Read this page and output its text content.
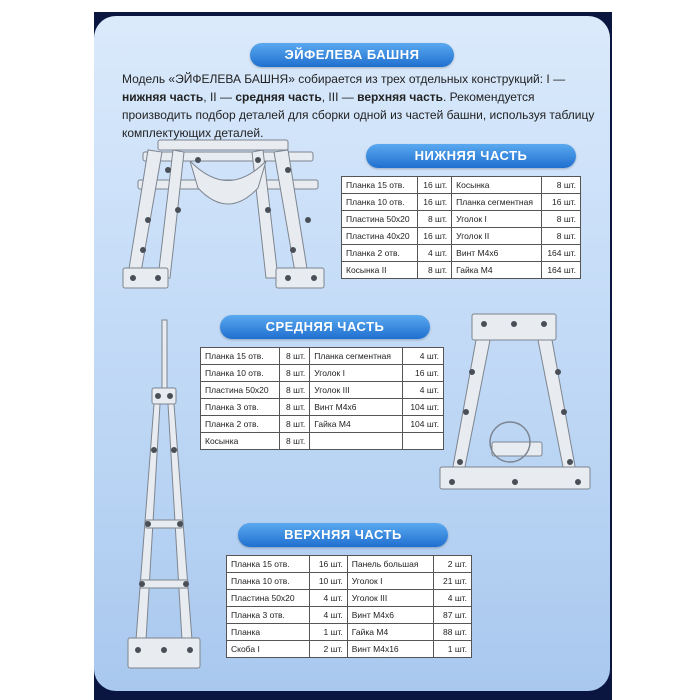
ЭЙФЕЛЕВА БАШНЯ
Модель «ЭЙФЕЛЕВА БАШНЯ» собирается из трех отдельных конструкций: I — нижняя часть, II — средняя часть, III — верхняя часть. Рекомендуется производить подбор деталей для сборки одной из частей башни, используя таблицу комплектующих деталей.
НИЖНЯЯ ЧАСТЬ
Планка 15 отв.	16 шт.	Косынка	8 шт.
Планка 10 отв.	16 шт.	Планка сегментная	16 шт.
Пластина 50х20	8 шт.	Уголок I	8 шт.
Пластина 40х20	16 шт.	Уголок II	8 шт.
Планка 2 отв.	4 шт.	Винт М4х6	164 шт.
Косынка II	8 шт.	Гайка М4	164 шт.
СРЕДНЯЯ ЧАСТЬ
Планка 15 отв.	8 шт.	Планка сегментная	4 шт.
Планка 10 отв.	8 шт.	Уголок I	16 шт.
Пластина 50х20	8 шт.	Уголок III	4 шт.
Планка 3 отв.	8 шт.	Винт М4х6	104 шт.
Планка 2 отв.	8 шт.	Гайка М4	104 шт.
Косынка	8 шт.		
ВЕРХНЯЯ ЧАСТЬ
Планка 15 отв.	16 шт.	Панель большая	2 шт.
Планка 10 отв.	10 шт.	Уголок I	21 шт.
Пластина 50х20	4 шт.	Уголок III	4 шт.
Планка 3 отв.	4 шт.	Винт М4х6	87 шт.
Планка	1 шт.	Гайка М4	88 шт.
Скоба I	2 шт.	Винт М4х16	1 шт.
